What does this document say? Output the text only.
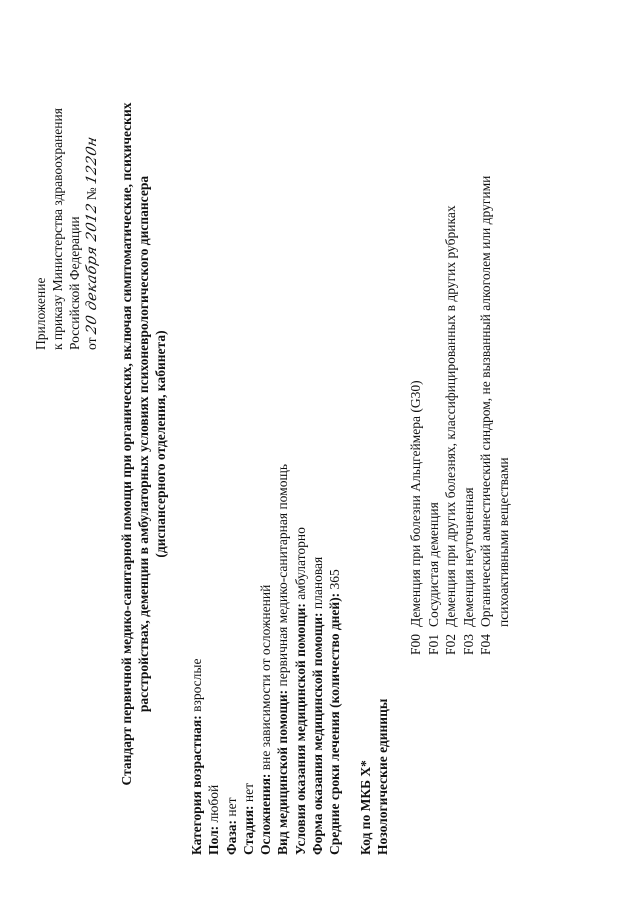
Приложение к приказу Министерства здравоохранения Российской Федерации от 20 декабря 2012 № 1220н Стандарт первичной медико-санитарной помощи при органических, включая симптоматические, психических расстройствах, деменции в амбулаторных условиях психоневрологического диспансера (диспансерного отделения, кабинета)
Категория возрастная: взрослые
Пол: любой
Фаза: нет Стадия: нет Осложнения: вне зависимости от осложнений Вид медицинской помощи: первичная медико-санитарная помощь
Условия оказания медицинской помощи: амбулаторно
Форма оказания медицинской помощи: плановая
Средние сроки лечения (количество дней): 365
Код по МКБ X* Нозологические единицы
F00
Деменция при болезни Альцгеймера (G30)
F01
Сосудистая деменция
F02
Деменция при других болезнях, классифицированных в других рубриках
F03
Деменция неуточненная
F04
Органический амнестический синдром, не вызванный алкоголем или другими психоактивными веществами
